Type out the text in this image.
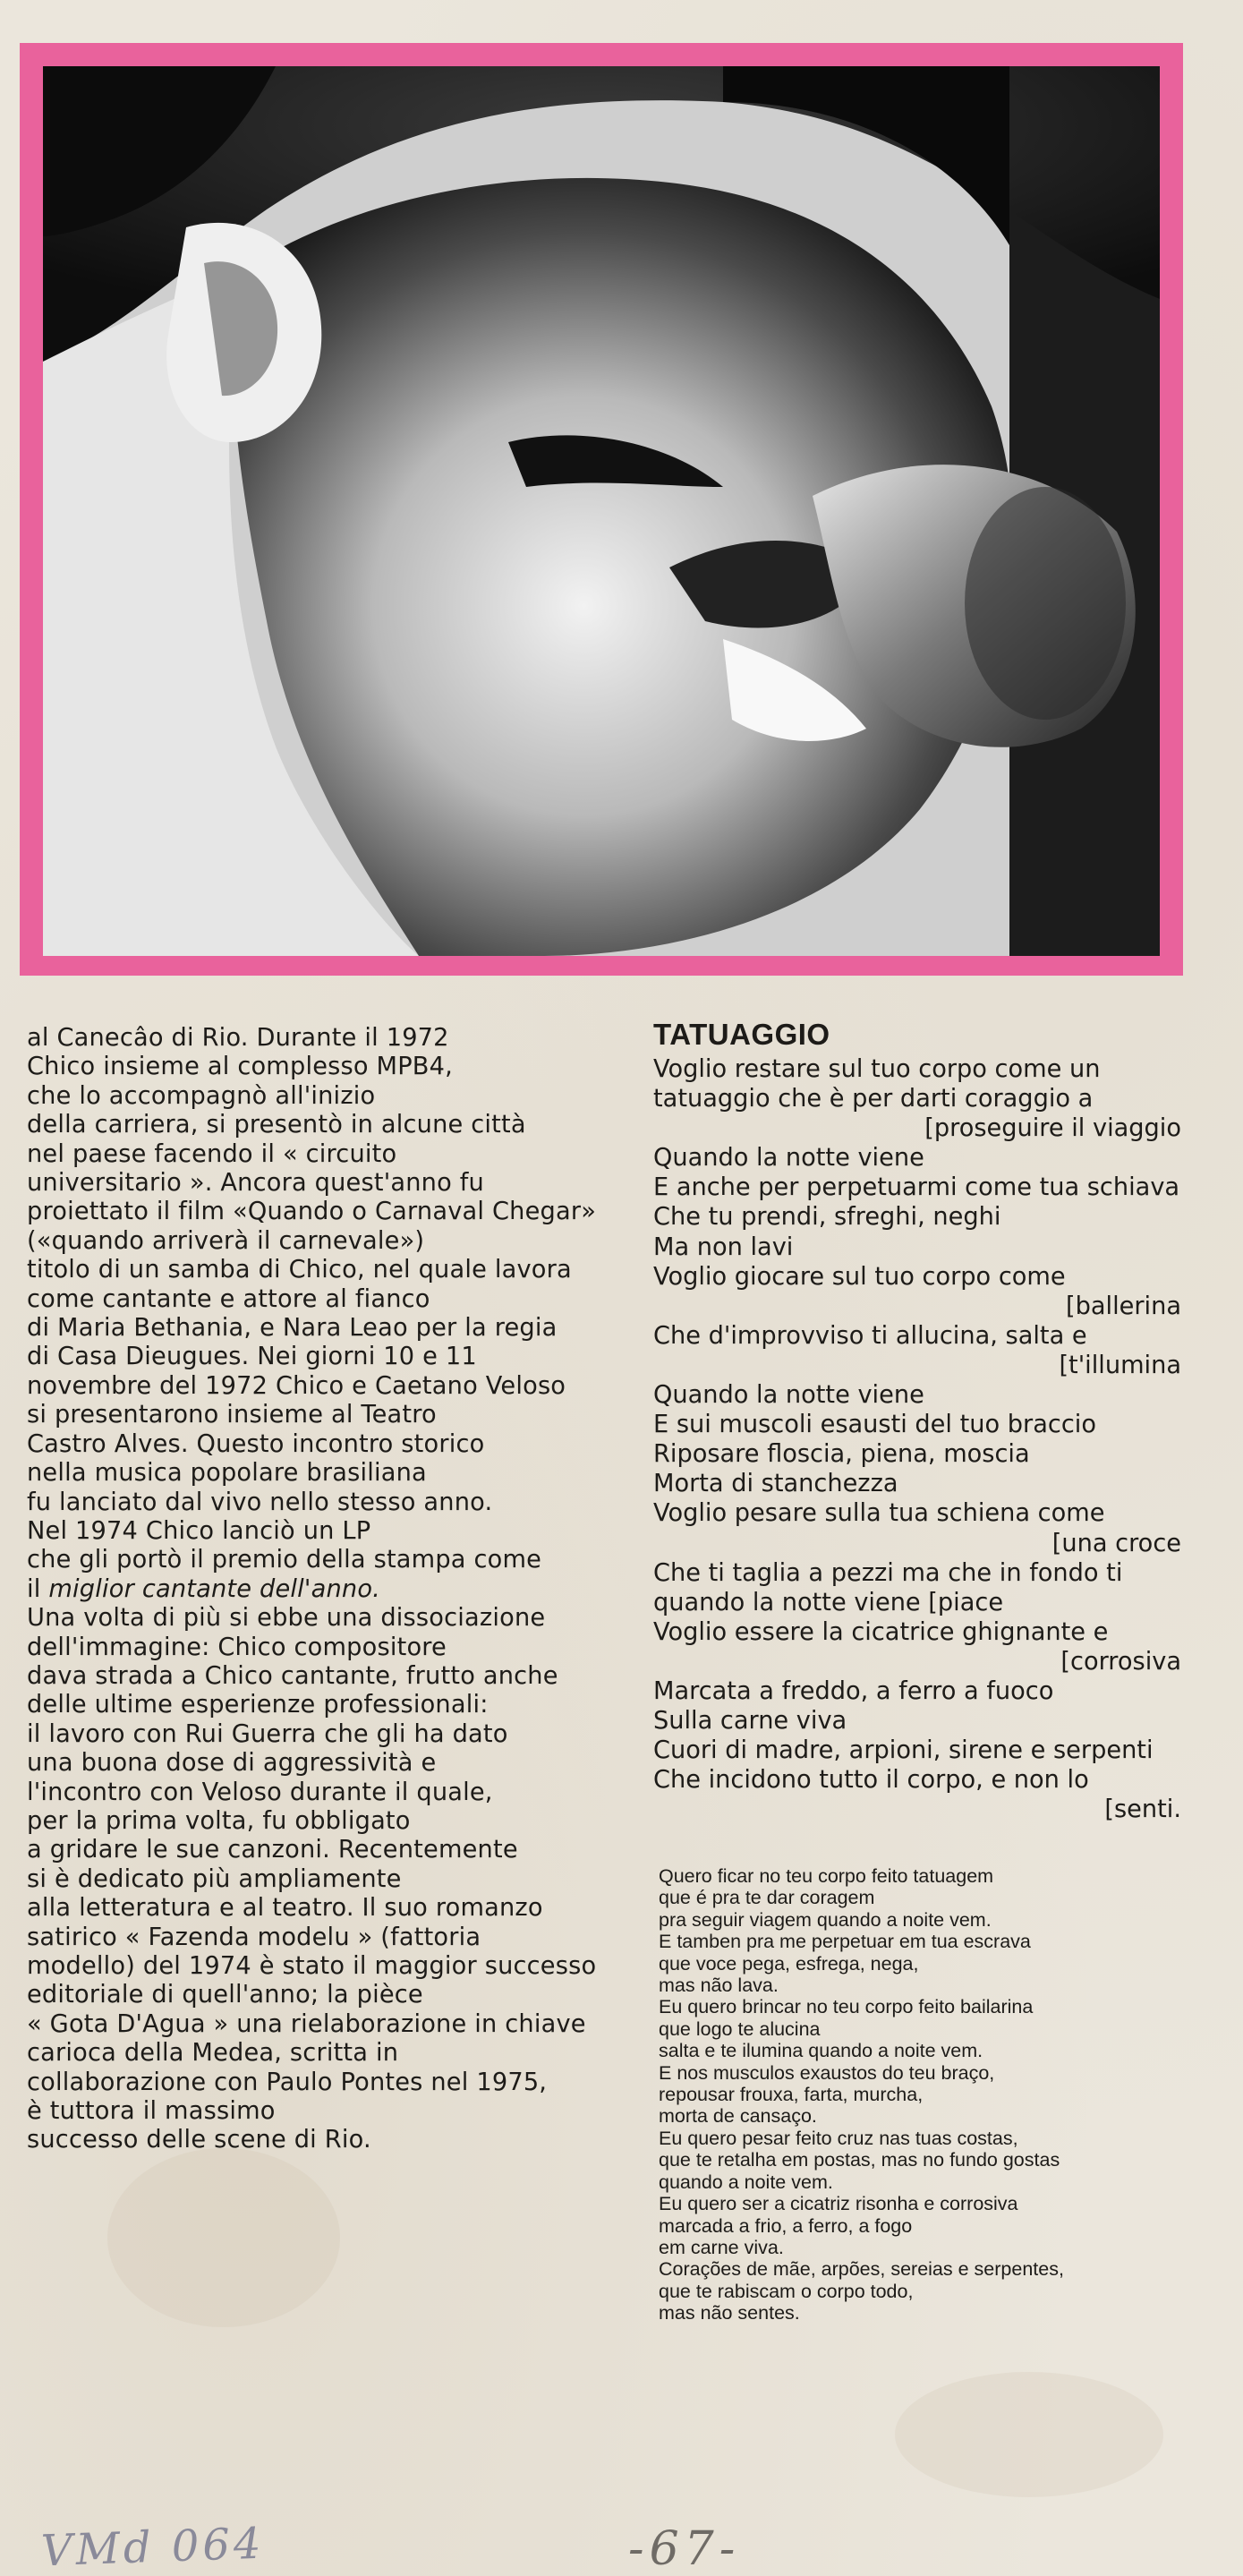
al Canecâo di Rio. Durante il 1972

Chico insieme al complesso MPB4,

che lo accompagnò all'inizio

della carriera, si presentò in alcune città

nel paese facendo il « circuito

universitario ». Ancora quest'anno fu

proiettato il film «Quando o Carnaval Chegar»

(«quando arriverà il carnevale»)

titolo di un samba di Chico, nel quale lavora

come cantante e attore al fianco

di Maria Bethania, e Nara Leao per la regia

di Casa Dieugues. Nei giorni 10 e 11

novembre del 1972 Chico e Caetano Veloso

si presentarono insieme al Teatro

Castro Alves. Questo incontro storico

nella musica popolare brasiliana

fu lanciato dal vivo nello stesso anno.

Nel 1974 Chico lanciò un LP

che gli portò il premio della stampa come

il miglior cantante dell'anno.

Una volta di più si ebbe una dissociazione

dell'immagine: Chico compositore

dava strada a Chico cantante, frutto anche

delle ultime esperienze professionali:

il lavoro con Rui Guerra che gli ha dato

una buona dose di aggressività e

l'incontro con Veloso durante il quale,

per la prima volta, fu obbligato

a gridare le sue canzoni. Recentemente

si è dedicato più ampliamente

alla letteratura e al teatro. Il suo romanzo

satirico « Fazenda modelu » (fattoria

modello) del 1974 è stato il maggior successo

editoriale di quell'anno; la pièce

« Gota D'Agua » una rielaborazione in chiave

carioca della Medea, scritta in

collaborazione con Paulo Pontes nel 1975,

è tuttora il massimo

successo delle scene di Rio.

TATUAGGIO

Voglio restare sul tuo corpo come un

tatuaggio che è per darti coraggio a

[proseguire il viaggio

Quando la notte viene

E anche per perpetuarmi come tua schiava

Che tu prendi, sfreghi, neghi

Ma non lavi

Voglio giocare sul tuo corpo come

[ballerina

Che d'improvviso ti allucina, salta e

[t'illumina

Quando la notte viene

E sui muscoli esausti del tuo braccio

Riposare floscia, piena, moscia

Morta di stanchezza

Voglio pesare sulla tua schiena come

[una croce

Che ti taglia a pezzi ma che in fondo ti

quando la notte viene [piace

Voglio essere la cicatrice ghignante e

[corrosiva

Marcata a freddo, a ferro a fuoco

Sulla carne viva

Cuori di madre, arpioni, sirene e serpenti

Che incidono tutto il corpo, e non lo

[senti.

Quero ficar no teu corpo feito tatuagem

que é pra te dar coragem

pra seguir viagem quando a noite vem.

E tamben pra me perpetuar em tua escrava

que voce pega, esfrega, nega,

mas não lava.

Eu quero brincar no teu corpo feito bailarina

que logo te alucina

salta e te ilumina quando a noite vem.

E nos musculos exaustos do teu braço,

repousar frouxa, farta, murcha,

morta de cansaço.

Eu quero pesar feito cruz nas tuas costas,

que te retalha em postas, mas no fundo gostas

quando a noite vem.

Eu quero ser a cicatriz risonha e corrosiva

marcada a frio, a ferro, a fogo

em carne viva.

Corações de mãe, arpões, sereias e serpentes,

que te rabiscam o corpo todo,

mas não sentes.

VMd 064	-67-
